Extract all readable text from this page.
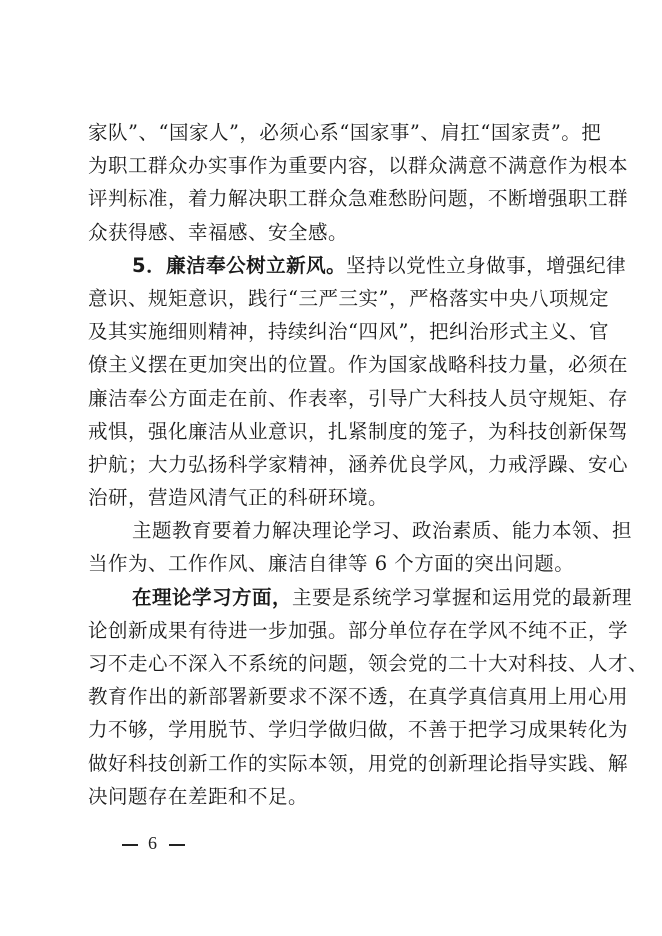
家队”、“国家人”，必须心系“国家事”、肩扛“国家责”。把
为职工群众办实事作为重要内容，以群众满意不满意作为根本
评判标准，着力解决职工群众急难愁盼问题，不断增强职工群
众获得感、幸福感、安全感。
5．廉洁奉公树立新风。坚持以党性立身做事，增强纪律
意识、规矩意识，践行“三严三实”，严格落实中央八项规定
及其实施细则精神，持续纠治“四风”，把纠治形式主义、官
僚主义摆在更加突出的位置。作为国家战略科技力量，必须在
廉洁奉公方面走在前、作表率，引导广大科技人员守规矩、存
戒惧，强化廉洁从业意识，扎紧制度的笼子，为科技创新保驾
护航；大力弘扬科学家精神，涵养优良学风，力戒浮躁、安心
治研，营造风清气正的科研环境。
主题教育要着力解决理论学习、政治素质、能力本领、担
当作为、工作作风、廉洁自律等 6 个方面的突出问题。
在理论学习方面，主要是系统学习掌握和运用党的最新理
论创新成果有待进一步加强。部分单位存在学风不纯不正，学
习不走心不深入不系统的问题，领会党的二十大对科技、人才、
教育作出的新部署新要求不深不透，在真学真信真用上用心用
力不够，学用脱节、学归学做归做，不善于把学习成果转化为
做好科技创新工作的实际本领，用党的创新理论指导实践、解
决问题存在差距和不足。
6
